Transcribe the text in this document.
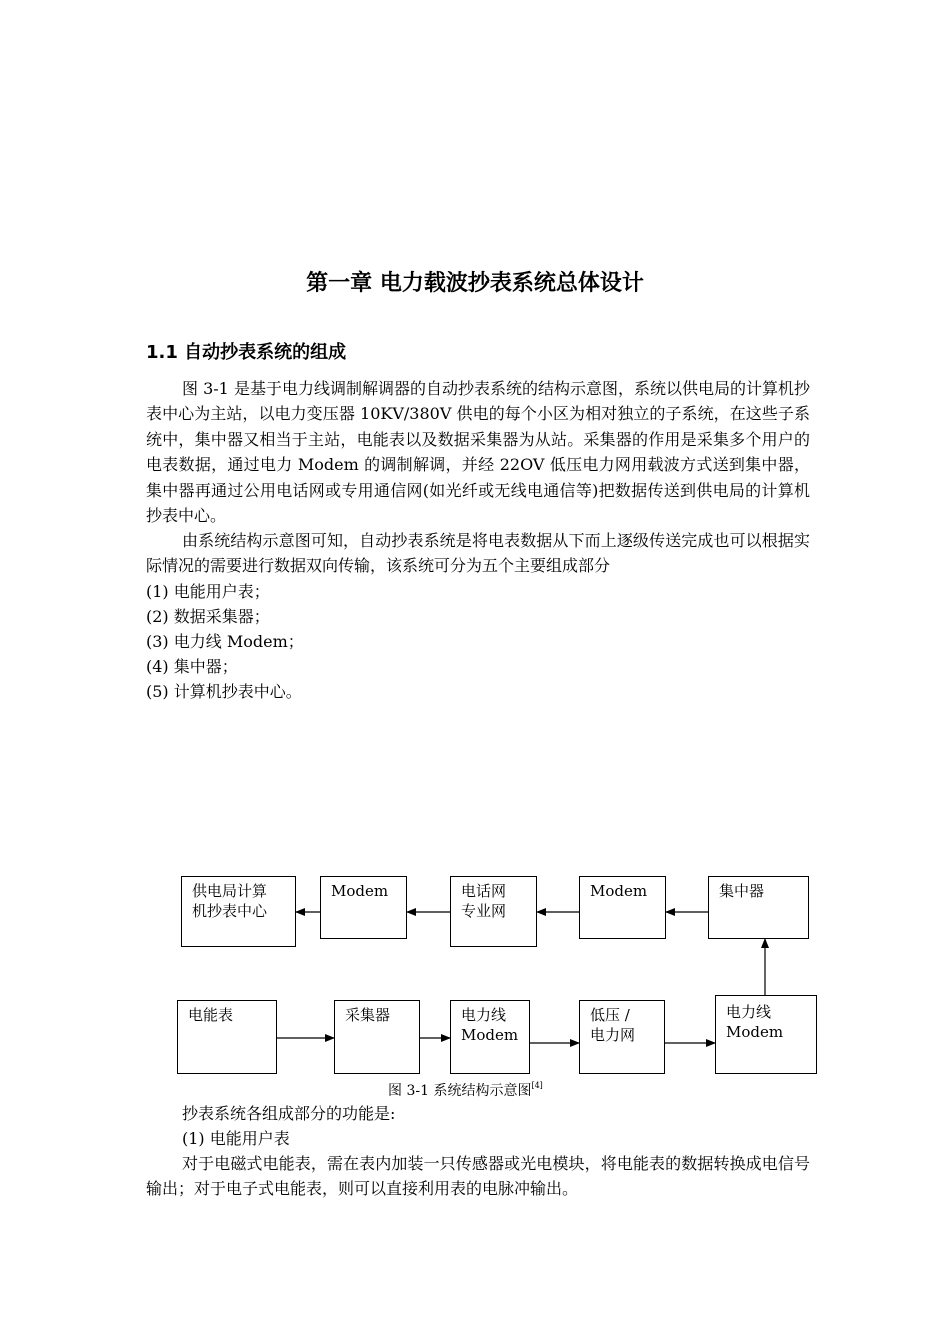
第一章 电力载波抄表系统总体设计
1.1 自动抄表系统的组成

图 3-1 是基于电力线调制解调器的自动抄表系统的结构示意图，系统以供电局的计算机抄表中心为主站，以电力变压器 10KV/380V 供电的每个小区为相对独立的子系统，在这些子系统中，集中器又相当于主站，电能表以及数据采集器为从站。采集器的作用是采集多个用户的电表数据，通过电力 Modem 的调制解调，并经 22OV 低压电力网用载波方式送到集中器，集中器再通过公用电话网或专用通信网(如光纤或无线电通信等)把数据传送到供电局的计算机抄表中心。

由系统结构示意图可知，自动抄表系统是将电表数据从下而上逐级传送完成也可以根据实际情况的需要进行数据双向传输，该系统可分为五个主要组成部分

(1) 电能用户表；

(2) 数据采集器；

(3) 电力线 Modem；

(4) 集中器；

(5) 计算机抄表中心。

供电局计算
机抄表中心
Modem	电话网
专业网
Modem	集中器
电能表	采集器	电力线
Modem
低压 /
电力网
电力线
Modem
图 3-1 系统结构示意图[4]

抄表系统各组成部分的功能是:

(1) 电能用户表

对于电磁式电能表，需在表内加装一只传感器或光电模块，将电能表的数据转换成电信号输出；对于电子式电能表，则可以直接利用表的电脉冲输出。
